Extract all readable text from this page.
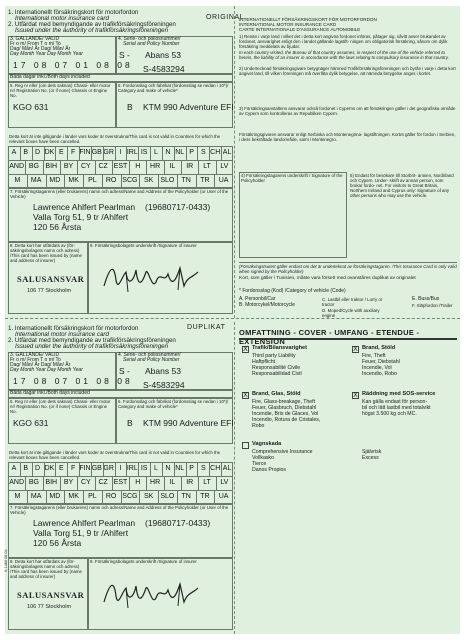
1. Internationellt försäkringskort för motorfordon
International motor insurance card
2. Utfärdat med bemyndigande av trafikförsäkringsföreningen
Issued under the authority of trafikförsäkringsföreningen
3. GALLANDE/ VALID
Fr o m/ From T o m/ To
Dag/ Mån/ År Dag/ Mån/ År
Day Month Year Day Month Year
17 08 07 01 08 08
4. Serie- och poliosnummer/
Serial and Policy Number
S - Abans 53
S-4583294
Båda dagar inkl./Both days included
5. Reg nr eller (om dets saknas) Chassi- eller motor nr/ Registration No. (or if none) Chassis or Engine No.
KGO 631
6. Fordonsslag och fabrikat (fordonsslag se nedan i 10*)/ Category and make of vehicle*
B KTM 990 Adventure EFI
Detta kort är inte giltigande i länder vars koder är överstrukna/This card is not valid in Countries for which the relevant boxes have been cancelled.
A	B D DK E	F FIN GB GR I IRL IS L	N NL P	S CH AL
AND BG BIH BY	CY	CZ EST	H	HR	IL	IR	LT	LV
M	MA	MD	MK	PL	RO SCG SK	SLO	TN	TR	UA
7. Försäkringstagarens (eller brukarens) namn och adress/Name and Address of the Policyholder (or User of the Vehicle)
Lawrence Ahlfert Pearlman (19680717-0433)
Valla Torg 51, 9 tr /Ahlfert
120 56 Årsta
8. Detta kort har utfärdats av (för- säkringsbolagets namn och adress) /This card has been issued by (name and address of insurer)
SALUSANSVAR
106 77 Stockholm
9. Försäkringsbolagets underskrift /Signature of insurer
ORIGINAL
INTERNATIONELLT FÖRSÄKRINGSKORT FÖR MOTORFORDON
INTERNATIONAL MOTOR INSURANCE CARD
CARTE INTERNATIONALE D'ASSURANCE AUTOMOBILE
1) Renän i varje land i vilket det i detta kort angivna fordonet införas, påtager sig, såvitt avser brukandet av fordonet, ansvarighet enligt den i landet gällande lagstift- ningen om obligatorisk försäkring, såsom om dylik försäkring meddelats av bjudar.
In each country visited, the Bureau of that country assumes, in respect of the use of the vehicle referred to herein, the liability of an insurer in accordance with the laws relating to compulsory insurance in that country.
2) Undertecknad försäkringsgivare betygnäger hämned Trafikförsäkringsföreningen och byrån i varje i detta kort angivet land, till vilken föreningen må överlåta dylik betygelse, att nämnda betygelse anges i kortet.
3) Försäkringsanstaltens ansvarar också fordonet i Cyperns om att försäkringen gäller i det geografiska område av Cypern som kontrolleras av Republiken Cypern.
Försäkringsgivaren ansvarar enligt Serbiska och Montenegrina- lagstiftningen. Kortet gäller för fordon i Serbien, i dess bekräftade landområde, samt i Montenegro.
4) Försäkringstagarens underskrift / Signature of the Policyholder
5) Endast för besökare till Storbrit- annien, Nordirland och Cypern. Under- skrift av annan person, som brukar fordo- net. For visitors to Great Britain, Northern Ireland and Cyprus only: Signature of any other persons who may use the vehicle.
(Försäkringstsutert gäller endast om det är underteknat av försäkringstagaren. /This Insurance Card is only valid when signed by the Policyholder)
Kort, som gäller i Tunisien, måste vara försett med ovanståres duplikat av originalet
* Fordonsslag (Kod) /Category of vehicle (Code)
A. Personbil/Car
B. Motorcykel/Motorcycle
C. Lastbil eller traktor / Lorry or tractor
D. Moped/Cycle with auxiliary engine
E. Buss/Bus
F. Släpfordon /Trailer
DUPLIKAT
1. Internationellt försäkringskort för motorfordon
International motor insurance card
2. Utfärdat med bemyndigande av trafikförsäkringsföreningen
Issued under the authority of trafikförsäkringsföreningen
3. GALLANDE/ VALID
Fr o m/ From T o m/ To
Dag/ Mån/ År Dag/ Mån/ År
Day Month Year Day Month Year
17 08 07 01 08 08
4. Serie- och poliosnummer/
Serial and Policy Number
S - Abans 53
S-4583294
Båda dagar inkl./Both days included
5. Reg nr eller (om dets saknas) Chassi- eller motor nr/ Registration No. (or if none) Chassis or Engine No.
KGO 631
6. Fordonsslag och fabrikat (fordonsslag se nedan i 10*)/ Category and make of vehicle*
B KTM 990 Adventure EFI
Detta kort är inte giltigande i länder vars koder är överstrukna/This card is not valid in Countries for which the relevant boxes have been cancelled.
A	B D DK E	F FIN GB GR I IRL IS L	N NL P	S CH AL
AND BG BIH BY	CY	CZ EST	H	HR	IL	IR	LT	LV
M	MA	MD	MK	PL	RO SCG SK	SLO	TN	TR	UA
7. Försäkringstagarens (eller brukarens) namn och adress/Name and Address of the Policyholder (or User of the Vehicle)
Lawrence Ahlfert Pearlman (19680717-0433)
Valla Torg 51, 9 tr /Ahlfert
120 56 Årsta
8. Detta kort har utfärdats av (för- säkringsbolagets namn och adress) /This card has been issued by (name and address of insurer)
SALUSANSVAR
106 77 Stockholm
9. Försäkringsbolagets underskrift /Signature of insurer
S 1489 08 04
OMFATTNING - COVER - UMFANG - ETENDUE - EXTENSION
X Trafik/Bilansvarighet
Third party Liability
Haftpflicht
Responsabilité Civile
Responsabilidad Civil
X Brand, Stöld
Fire, Theft
Feuer, Diebstahl
Incendie, Vol
Incendio, Robo
X Brand, Glas, Stöld
Fire, Glass-breakage, Theft
Feuer, Glasbruch, Diebstahl
Incendie, Bris de Glaces, Vol
Incendio, Rotura de Cristales,
Robo
X Räddning med SOS-service
Kan gälla endast för person-
bil och lätt lastbil med totalvikt
högst 3.500 kg och MC.
Vagnskada
Comprehensive Insurance
Vollkasko
Tierce
Danos Propios
Självrisk
Excess
